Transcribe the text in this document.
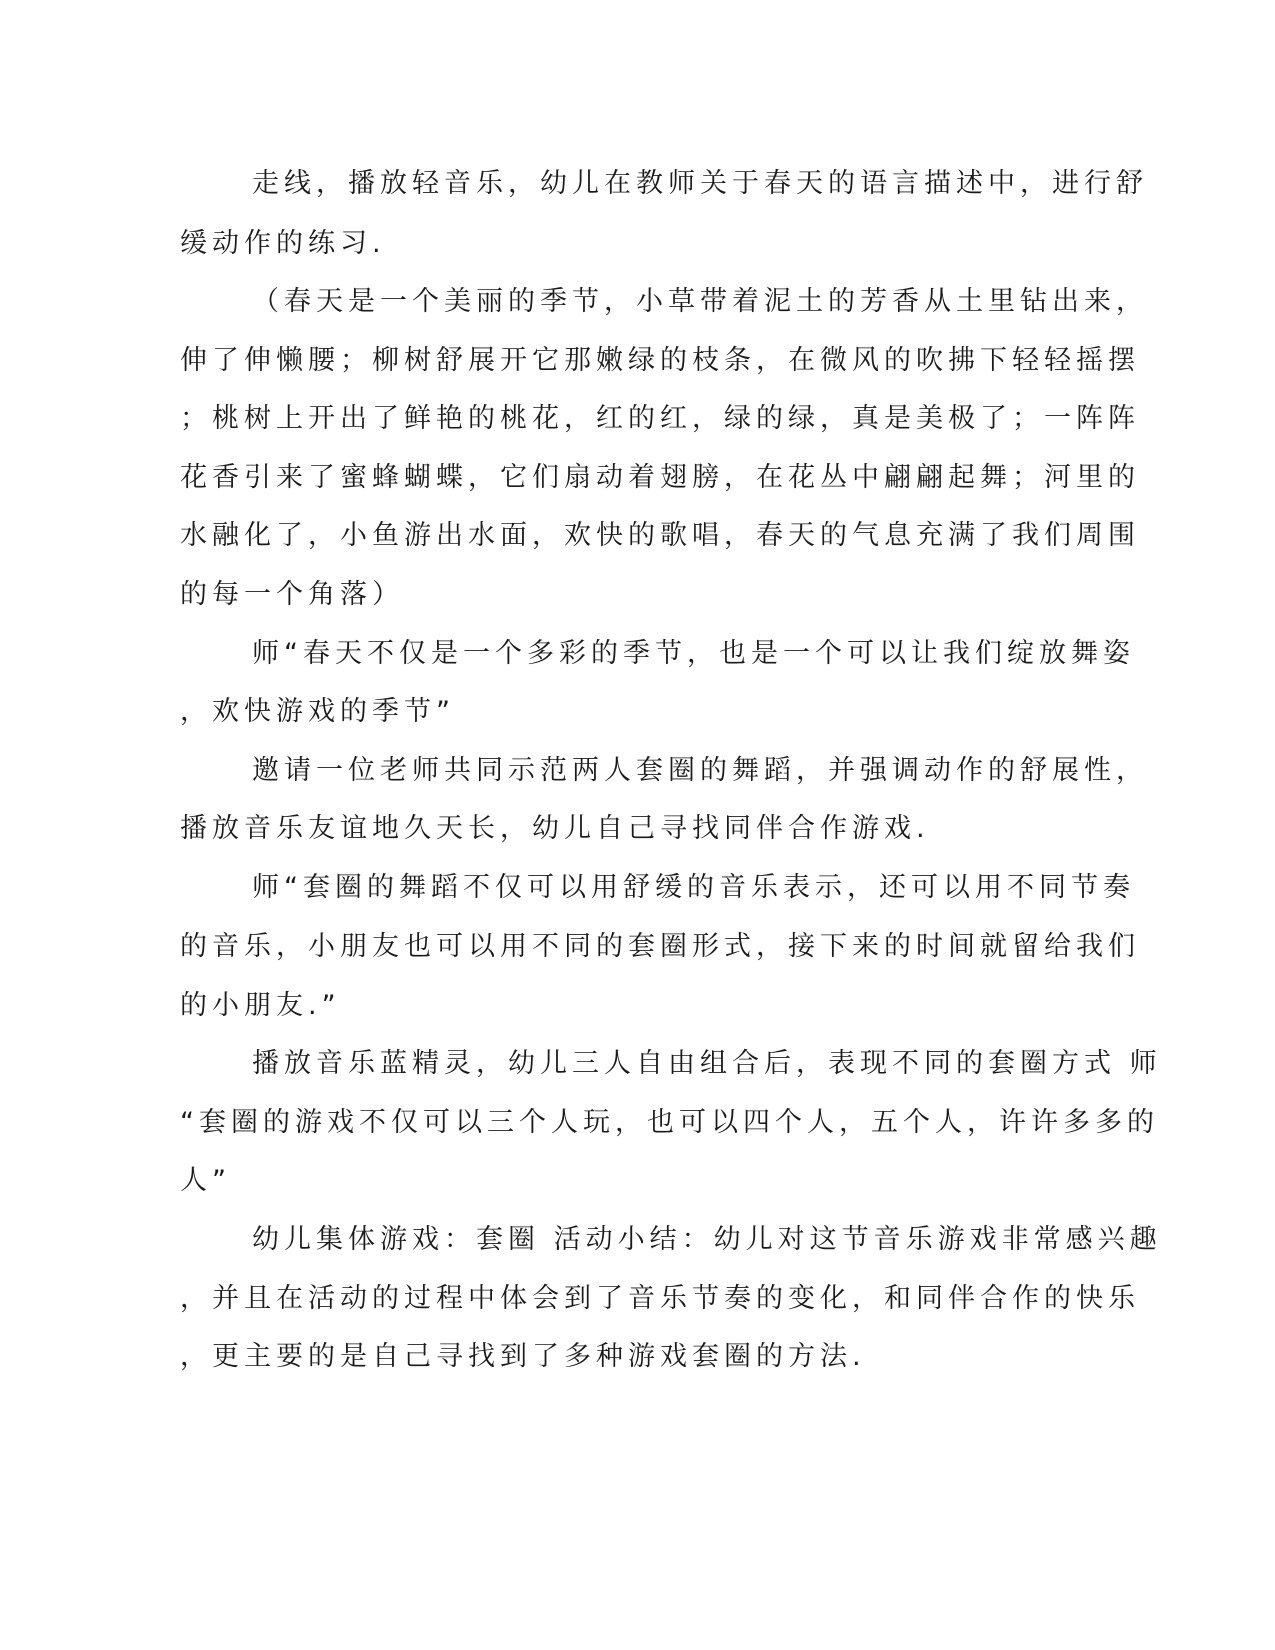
走线，播放轻音乐，幼儿在教师关于春天的语言描述中，进行舒

缓动作的练习.

（春天是一个美丽的季节，小草带着泥土的芳香从土里钻出来，

伸了伸懒腰；柳树舒展开它那嫩绿的枝条，在微风的吹拂下轻轻摇摆

；桃树上开出了鲜艳的桃花，红的红，绿的绿，真是美极了；一阵阵

花香引来了蜜蜂蝴蝶，它们扇动着翅膀，在花丛中翩翩起舞；河里的

水融化了，小鱼游出水面，欢快的歌唱，春天的气息充满了我们周围

的每一个角落）

师“春天不仅是一个多彩的季节，也是一个可以让我们绽放舞姿

，欢快游戏的季节”

邀请一位老师共同示范两人套圈的舞蹈，并强调动作的舒展性，

播放音乐友谊地久天长，幼儿自己寻找同伴合作游戏.

师“套圈的舞蹈不仅可以用舒缓的音乐表示，还可以用不同节奏

的音乐，小朋友也可以用不同的套圈形式，接下来的时间就留给我们

的小朋友.”

播放音乐蓝精灵，幼儿三人自由组合后，表现不同的套圈方式 师

“套圈的游戏不仅可以三个人玩，也可以四个人，五个人，许许多多的

人”

幼儿集体游戏：套圈 活动小结：幼儿对这节音乐游戏非常感兴趣

，并且在活动的过程中体会到了音乐节奏的变化，和同伴合作的快乐

，更主要的是自己寻找到了多种游戏套圈的方法.
